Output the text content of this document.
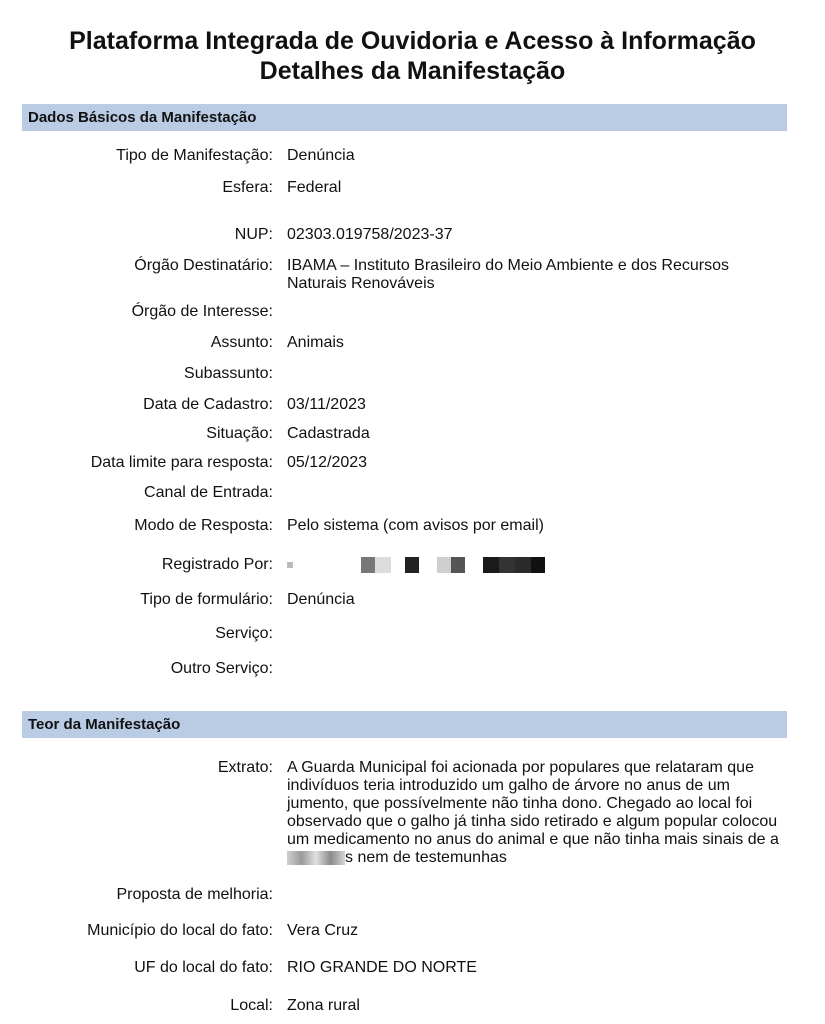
Plataforma Integrada de Ouvidoria e Acesso à Informação
Detalhes da Manifestação
Dados Básicos da Manifestação
Tipo de Manifestação: Denúncia
Esfera: Federal
NUP: 02303.019758/2023-37
Órgão Destinatário: IBAMA – Instituto Brasileiro do Meio Ambiente e dos Recursos Naturais Renováveis
Órgão de Interesse:
Assunto: Animais
Subassunto:
Data de Cadastro: 03/11/2023
Situação: Cadastrada
Data limite para resposta: 05/12/2023
Canal de Entrada:
Modo de Resposta: Pelo sistema (com avisos por email)
Registrado Por:
Tipo de formulário: Denúncia
Serviço:
Outro Serviço:
Teor da Manifestação
Extrato: A Guarda Municipal foi acionada por populares que relataram que indivíduos teria introduzido um galho de árvore no anus de um jumento, que possívelmente não tinha dono. Chegado ao local foi observado que o galho já tinha sido retirado e algum popular colocou um medicamento no anus do animal e que não tinha mais sinais de as nem de testemunhas
Proposta de melhoria:
Município do local do fato: Vera Cruz
UF do local do fato: RIO GRANDE DO NORTE
Local: Zona rural
